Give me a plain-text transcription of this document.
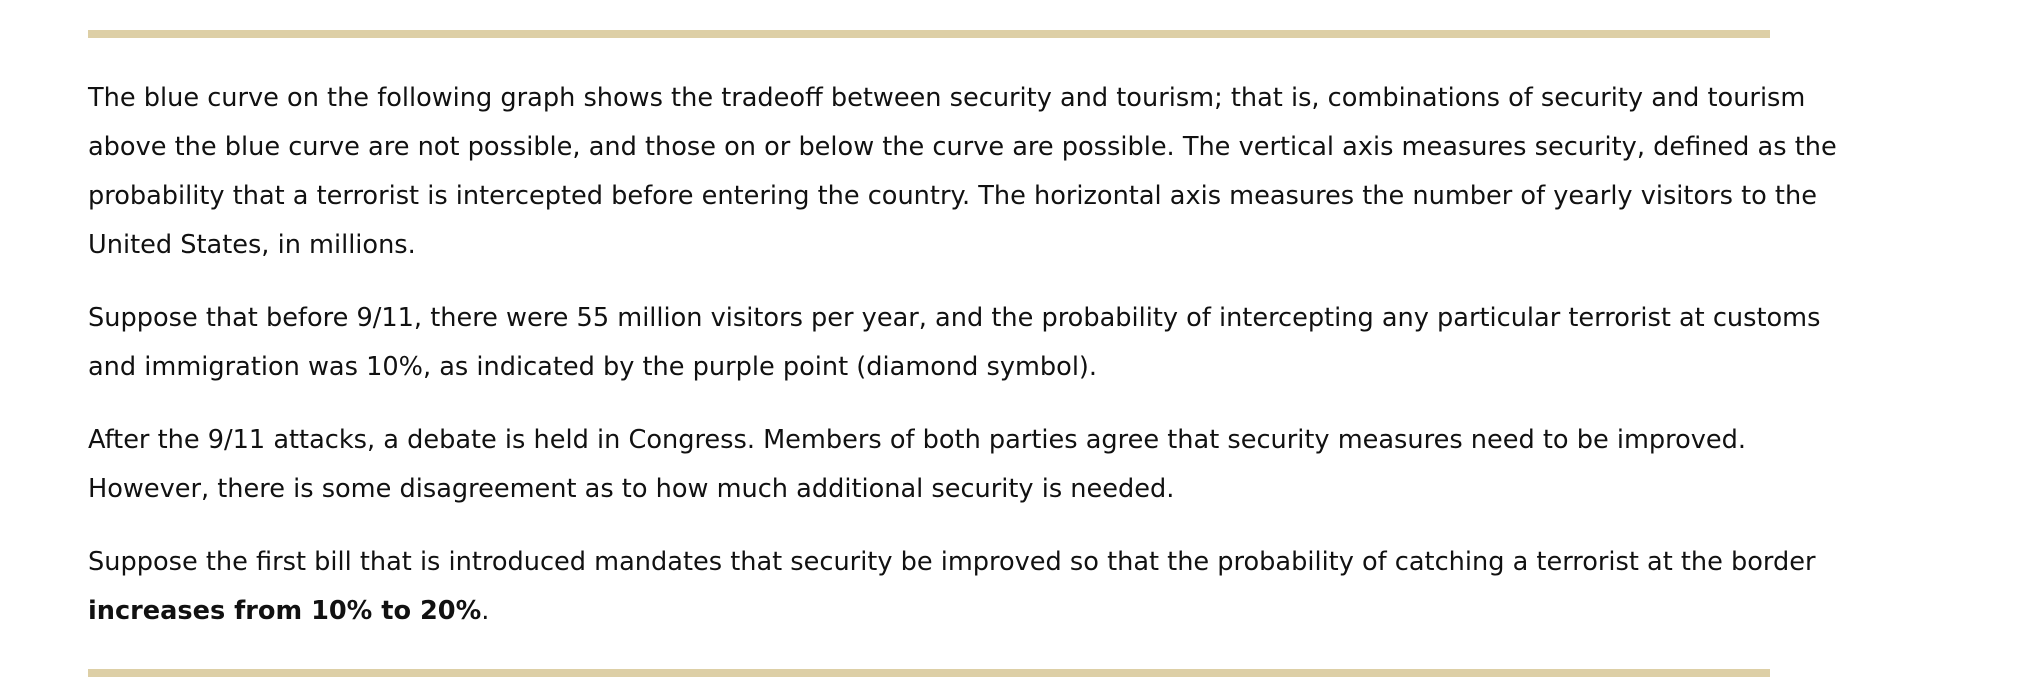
The blue curve on the following graph shows the tradeoff between security and tourism; that is, combinations of security and tourism
above the blue curve are not possible, and those on or below the curve are possible. The vertical axis measures security, defined as the
probability that a terrorist is intercepted before entering the country. The horizontal axis measures the number of yearly visitors to the
United States, in millions.

Suppose that before 9/11, there were 55 million visitors per year, and the probability of intercepting any particular terrorist at customs
and immigration was 10%, as indicated by the purple point (diamond symbol).

After the 9/11 attacks, a debate is held in Congress. Members of both parties agree that security measures need to be improved.
However, there is some disagreement as to how much additional security is needed.

Suppose the first bill that is introduced mandates that security be improved so that the probability of catching a terrorist at the border
increases from 10% to 20%.
